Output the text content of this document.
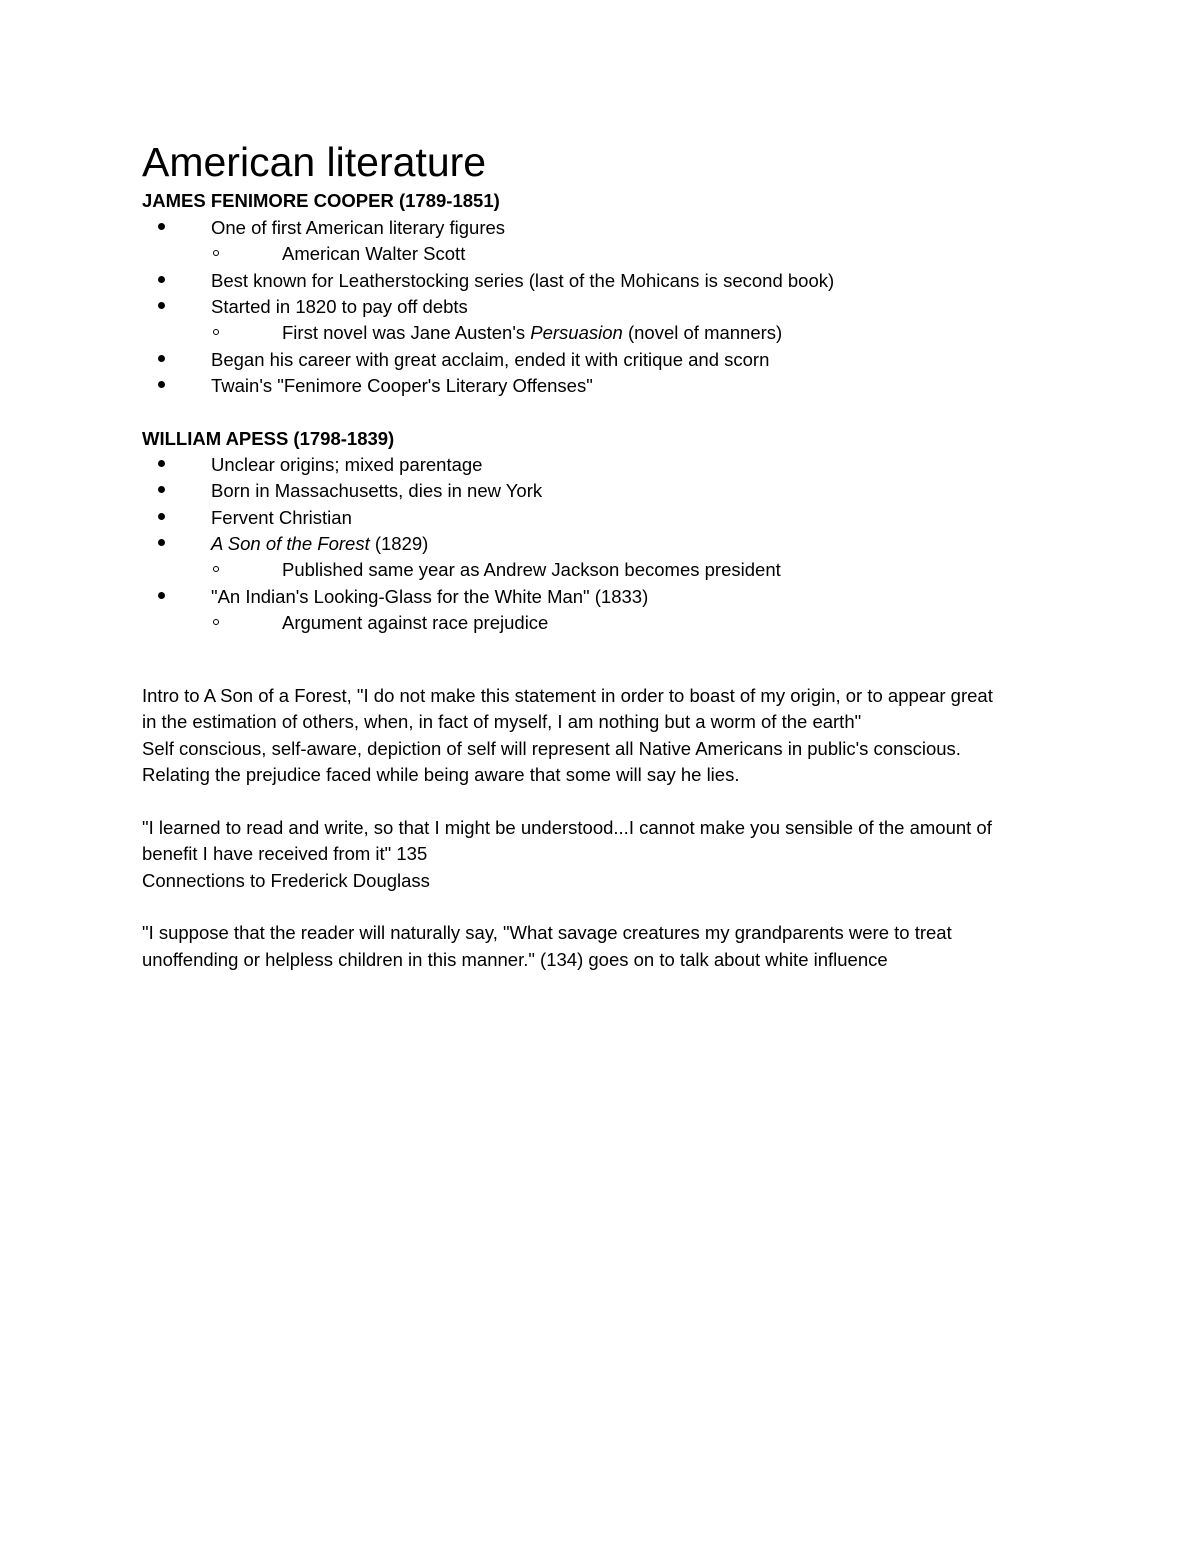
American literature
JAMES FENIMORE COOPER (1789-1851)
One of first American literary figures
American Walter Scott
Best known for Leatherstocking series (last of the Mohicans is second book)
Started in 1820 to pay off debts
First novel was Jane Austen's Persuasion (novel of manners)
Began his career with great acclaim, ended it with critique and scorn
Twain's "Fenimore Cooper's Literary Offenses"
WILLIAM APESS (1798-1839)
Unclear origins; mixed parentage
Born in Massachusetts, dies in new York
Fervent Christian
A Son of the Forest (1829)
Published same year as Andrew Jackson becomes president
"An Indian's Looking-Glass for the White Man" (1833)
Argument against race prejudice
Intro to A Son of a Forest, "I do not make this statement in order to boast of my origin, or to appear great
in the estimation of others, when, in fact of myself, I am nothing but a worm of the earth"
Self conscious, self-aware, depiction of self will represent all Native Americans in public's conscious.
Relating the prejudice faced while being aware that some will say he lies.
"I learned to read and write, so that I might be understood...I cannot make you sensible of the amount of
benefit I have received from it" 135
Connections to Frederick Douglass
"I suppose that the reader will naturally say, "What savage creatures my grandparents were to treat
unoffending or helpless children in this manner." (134) goes on to talk about white influence
